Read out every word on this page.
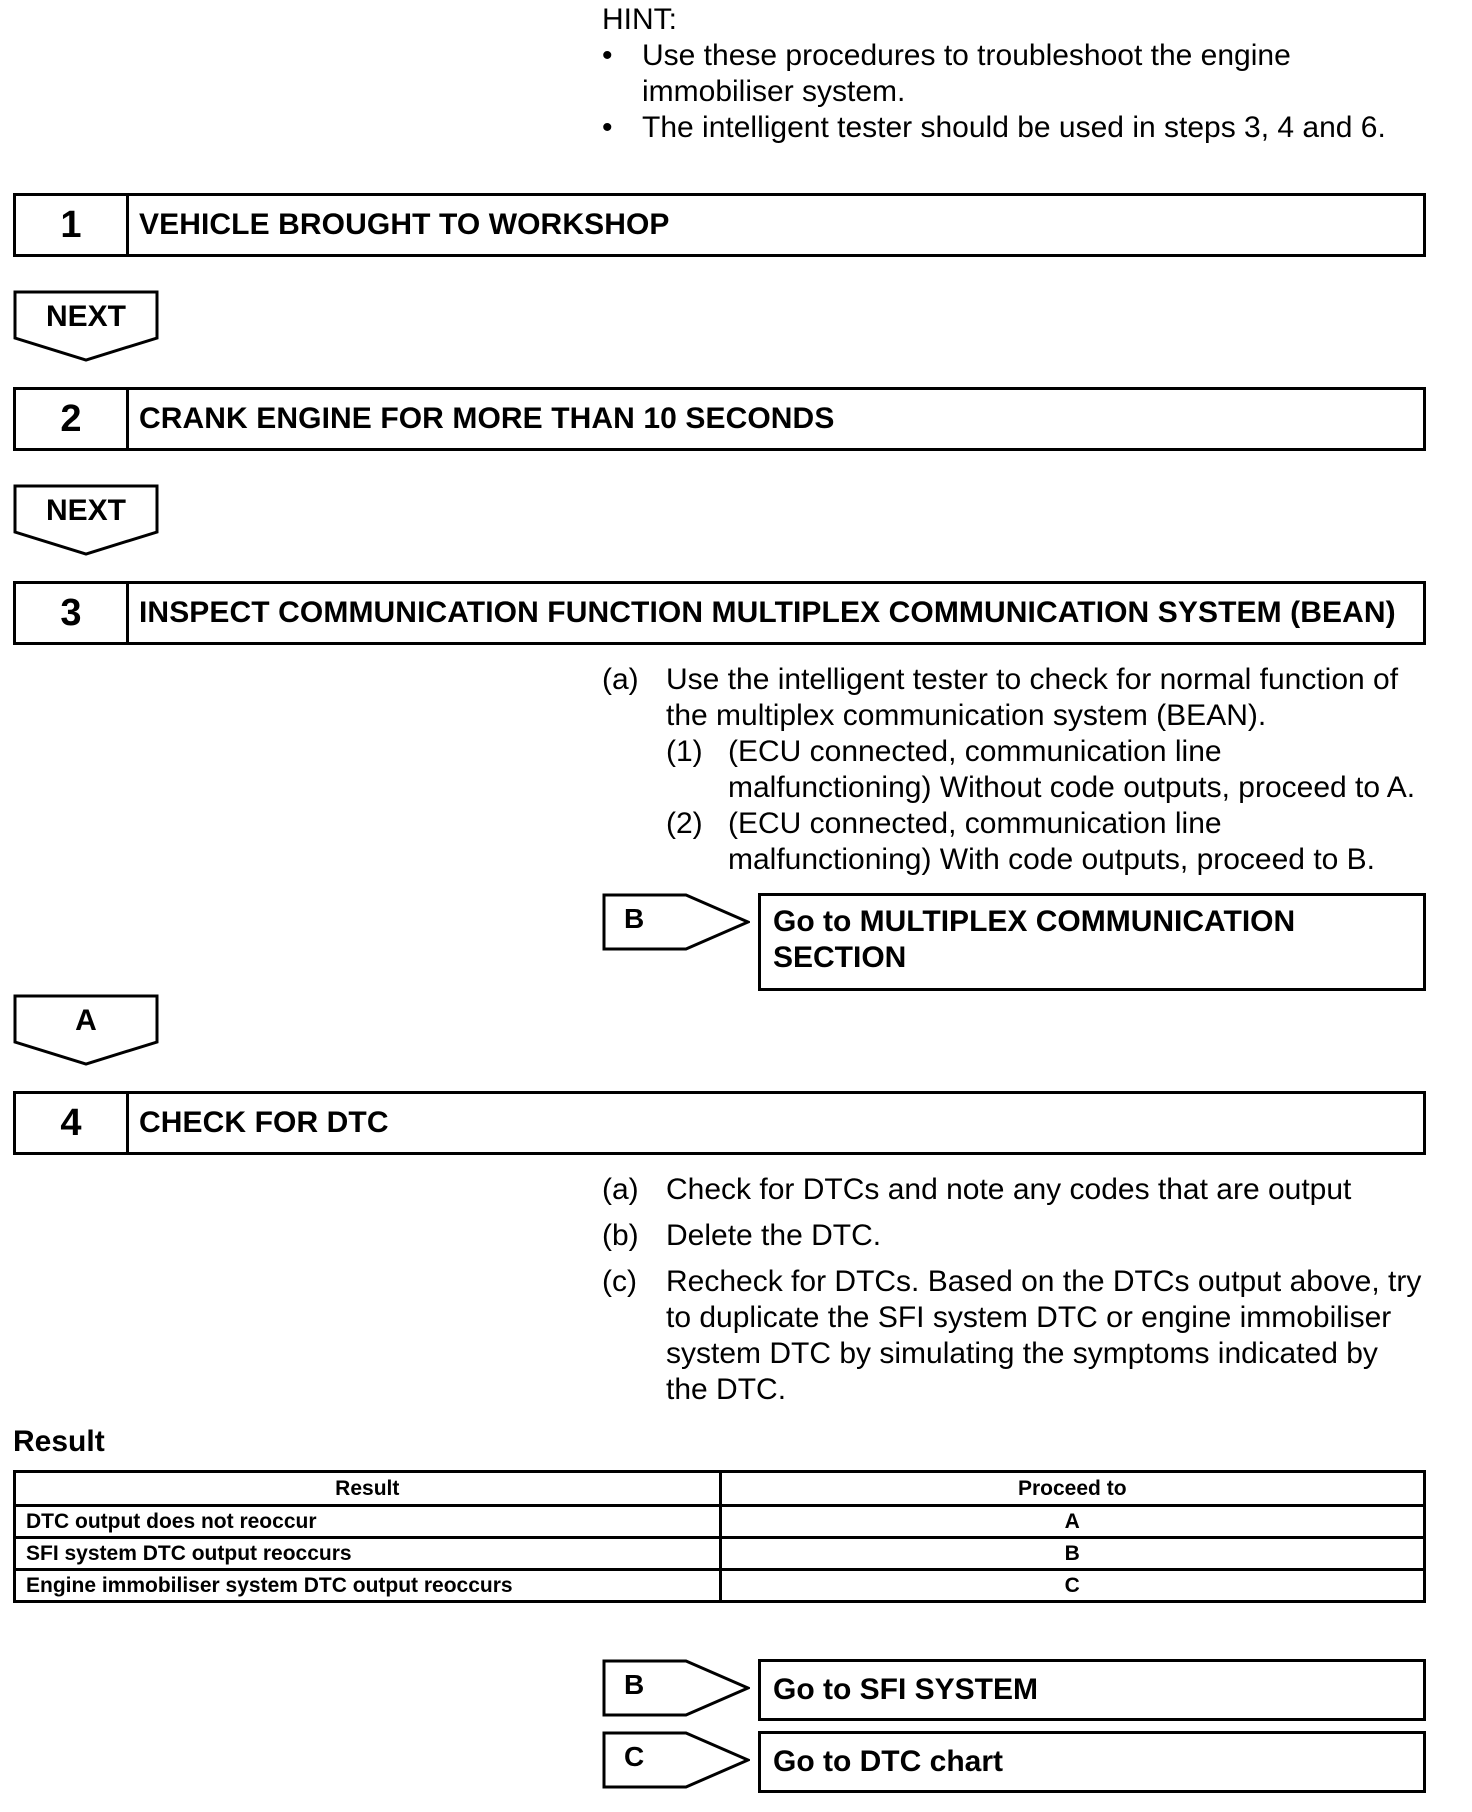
HINT:
• Use these procedures to troubleshoot the engine
immobiliser system.
• The intelligent tester should be used in steps 3, 4 and 6.
1	VEHICLE BROUGHT TO WORKSHOP
NEXT
2	CRANK ENGINE FOR MORE THAN 10 SECONDS
NEXT
3	INSPECT COMMUNICATION FUNCTION MULTIPLEX COMMUNICATION SYSTEM (BEAN)
(a) Use the intelligent tester to check for normal function of
the multiplex communication system (BEAN).
(1) (ECU connected, communication line
malfunctioning) Without code outputs, proceed to A.
(2) (ECU connected, communication line
malfunctioning) With code outputs, proceed to B.
B	Go to MULTIPLEX COMMUNICATION
SECTION
A
4	CHECK FOR DTC
(a) Check for DTCs and note any codes that are output
(b) Delete the DTC.
(c) Recheck for DTCs. Based on the DTCs output above, try
to duplicate the SFI system DTC or engine immobiliser
system DTC by simulating the symptoms indicated by
the DTC.
Result
Result	Proceed to
DTC output does not reoccur	A
SFI system DTC output reoccurs	B
Engine immobiliser system DTC output reoccurs	C
B	Go to SFI SYSTEM
C	Go to DTC chart
